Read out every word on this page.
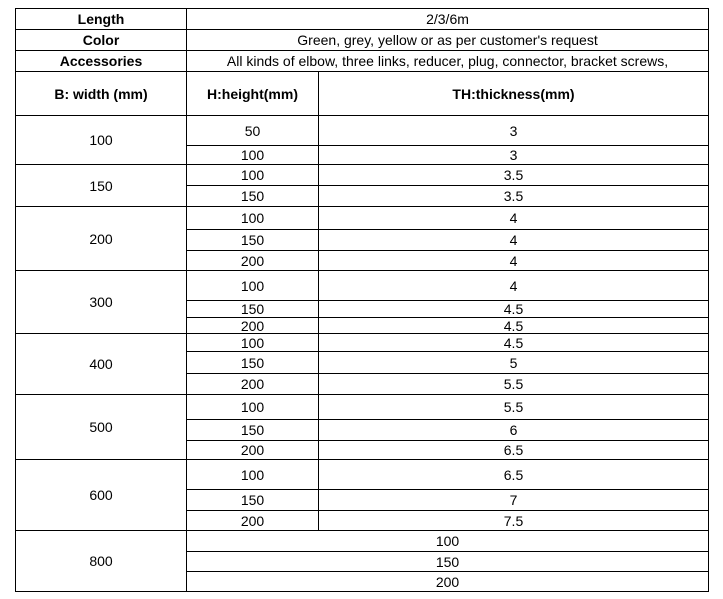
Length	2/3/6m	
Color	Green, grey, yellow or as per customer's request	
Accessories	All kinds of elbow, three links, reducer, plug, connector, bracket screws,	
B: width (mm)	H:height(mm)	TH:thickness(mm)
100	50	3
	100	3
150	100	3.5
	150	3.5
200	100	4
	150	4
	200	4
300	100	4
	150	4.5
	200	4.5
400	100	4.5
	150	5
	200	5.5
500	100	5.5
	150	6
	200	6.5
600	100	6.5
	150	7
	200	7.5
800	100	
	150	
	200	
